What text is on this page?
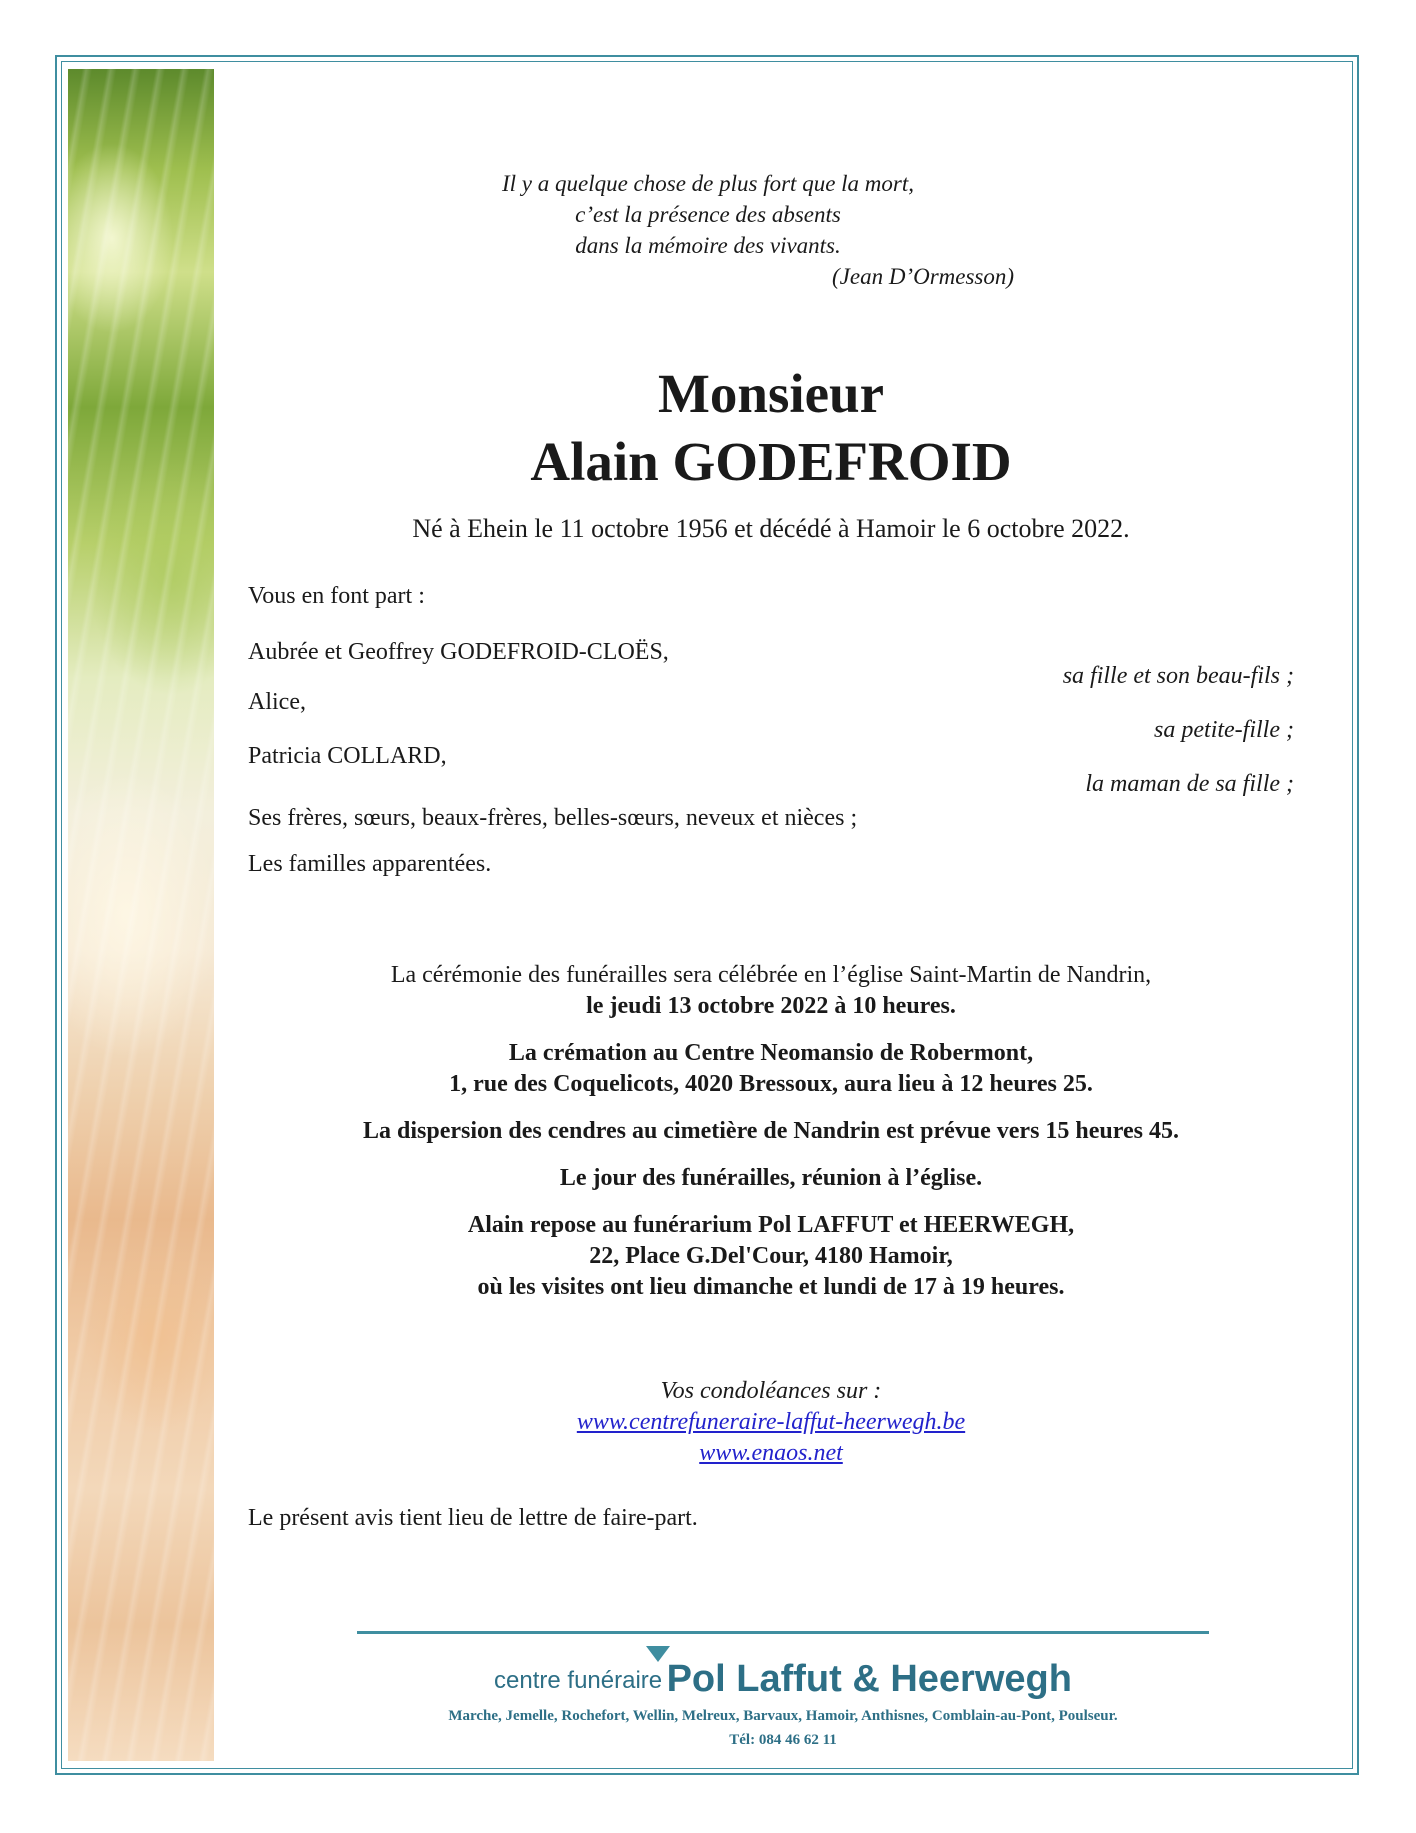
Il y a quelque chose de plus fort que la mort,
c’est la présence des absents
dans la mémoire des vivants.
(Jean D’Ormesson)
Monsieur
Alain GODEFROID
Né à Ehein le 11 octobre 1956 et décédé à Hamoir le 6 octobre 2022.
Vous en font part :
Aubrée et Geoffrey GODEFROID-CLOËS,
sa fille et son beau-fils ;
Alice,
sa petite-fille ;
Patricia COLLARD,
la maman de sa fille ;
Ses frères, sœurs, beaux-frères, belles-sœurs, neveux et nièces ;
Les familles apparentées.
La cérémonie des funérailles sera célébrée en l’église Saint-Martin de Nandrin,
le jeudi 13 octobre 2022 à 10 heures.
La crémation au Centre Neomansio de Robermont,
1, rue des Coquelicots, 4020 Bressoux, aura lieu à 12 heures 25.
La dispersion des cendres au cimetière de Nandrin est prévue vers 15 heures 45.
Le jour des funérailles, réunion à l’église.
Alain repose au funérarium Pol LAFFUT et HEERWEGH,
22, Place G.Del'Cour, 4180 Hamoir,
où les visites ont lieu dimanche et lundi de 17 à 19 heures.
Vos condoléances sur :
www.centrefuneraire-laffut-heerwegh.be
www.enaos.net
Le présent avis tient lieu de lettre de faire-part.
centre funéraire Pol Laffut & Heerwegh
Marche, Jemelle, Rochefort, Wellin, Melreux, Barvaux, Hamoir, Anthisnes, Comblain-au-Pont, Poulseur.
Tél: 084 46 62 11
